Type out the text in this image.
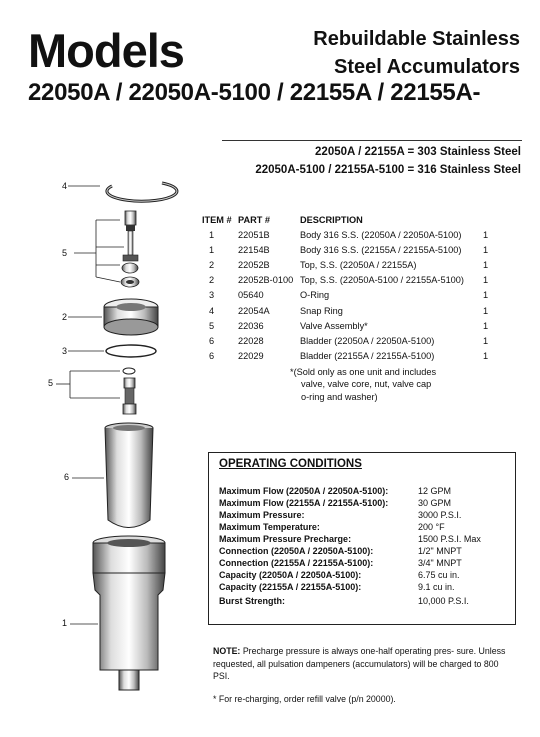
Models	Rebuildable Stainless
Steel Accumulators
22050A / 22050A-5100 / 22155A / 22155A-
22050A / 22155A = 303 Stainless Steel
22050A-5100 / 22155A-5100 = 316 Stainless Steel
4
5
2
3
5
6
1
ITEM # PART #	DESCRIPTION
1	22051B	Body 316 S.S. (22050A / 22050A-5100) 1
1	22154B	Body 316 S.S. (22155A / 22155A-5100) 1
2	22052B	Top, S.S. (22050A / 22155A)	1
2	22052B-0100 Top, S.S. (22050A-5100 / 22155A-5100) 1
3	05640	O-Ring	1
4	22054A	Snap Ring	1
5	22036	Valve Assembly*	1
6	22028	Bladder (22050A / 22050A-5100)	1
6	22029	Bladder (22155A / 22155A-5100)	1
*(Sold only as one unit and includes
valve, valve core, nut, valve cap
o-ring and washer)
OPERATING CONDITIONS
Maximum Flow (22050A / 22050A-5100):	12 GPM
Maximum Flow (22155A / 22155A-5100):	30 GPM
Maximum Pressure:	3000 P.S.I.
Maximum Temperature:	200 °F
Maximum Pressure Precharge:	1500 P.S.I. Max
Connection (22050A / 22050A-5100):	1/2" MNPT
Connection (22155A / 22155A-5100):	3/4" MNPT
Capacity (22050A / 22050A-5100):	6.75 cu in.
Capacity (22155A / 22155A-5100):	9.1 cu in.
Burst Strength:	10,000 P.S.I.
NOTE: Precharge pressure is always one-half operating pres- sure. Unless requested, all pulsation dampeners (accumulators) will be charged to 800 PSI.
* For re-charging, order refill valve (p/n 20000).
